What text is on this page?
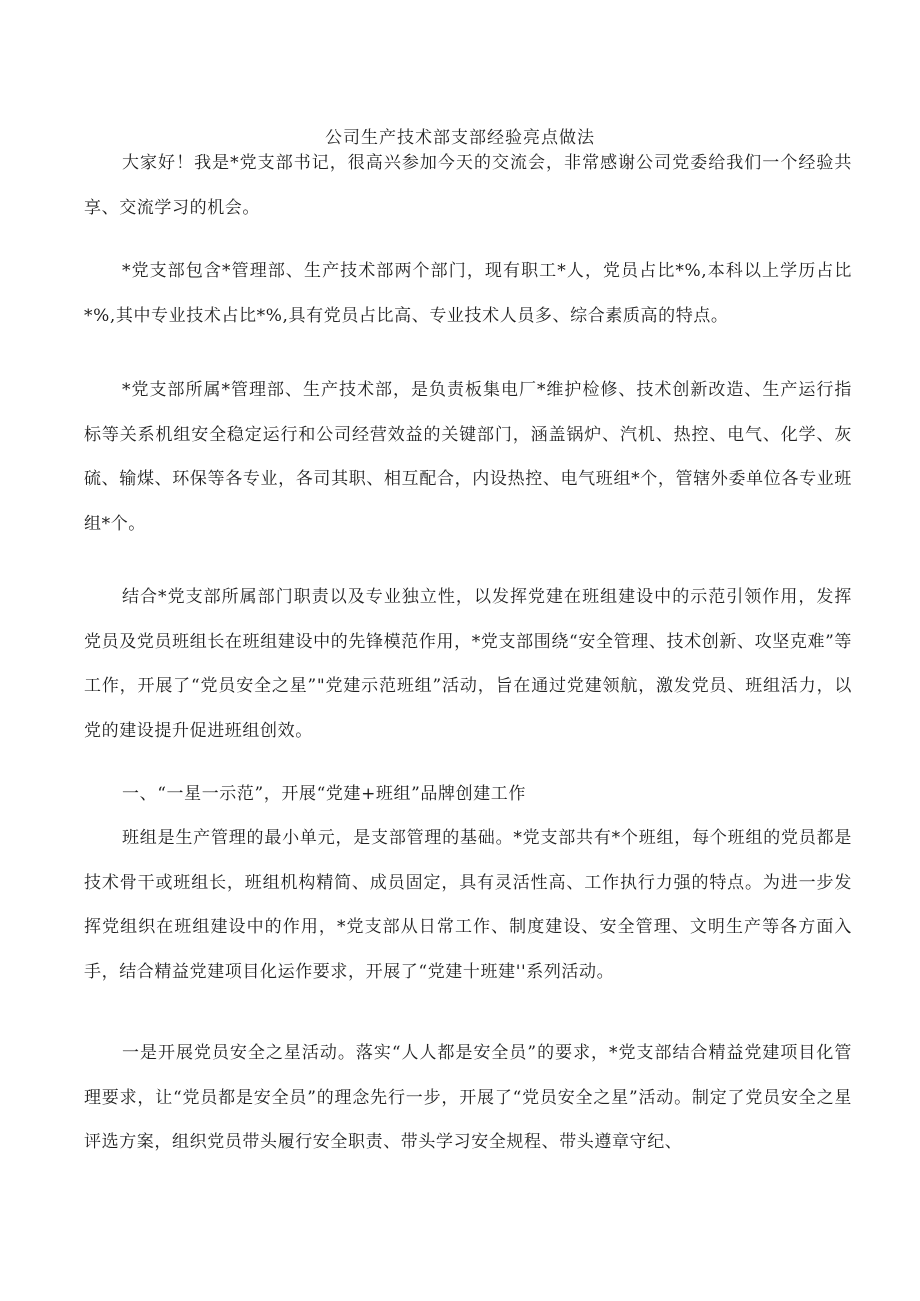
公司生产技术部支部经验亮点做法

大家好！我是*党支部书记，很高兴参加今天的交流会，非常感谢公司党委给我们一个经验共享、交流学习的机会。

*党支部包含*管理部、生产技术部两个部门，现有职工*人，党员占比*%,本科以上学历占比*%,其中专业技术占比*%,具有党员占比高、专业技术人员多、综合素质高的特点。

*党支部所属*管理部、生产技术部，是负责板集电厂*维护检修、技术创新改造、生产运行指标等关系机组安全稳定运行和公司经营效益的关键部门，涵盖锅炉、汽机、热控、电气、化学、灰硫、输煤、环保等各专业，各司其职、相互配合，内设热控、电气班组*个，管辖外委单位各专业班组*个。

结合*党支部所属部门职责以及专业独立性，以发挥党建在班组建设中的示范引领作用，发挥党员及党员班组长在班组建设中的先锋模范作用，*党支部围绕“安全管理、技术创新、攻坚克难”等工作，开展了“党员安全之星”"党建示范班组”活动，旨在通过党建领航，激发党员、班组活力，以党的建设提升促进班组创效。

一、“一星一示范”，开展“党建+班组”品牌创建工作

班组是生产管理的最小单元，是支部管理的基础。*党支部共有*个班组，每个班组的党员都是技术骨干或班组长，班组机构精简、成员固定，具有灵活性高、工作执行力强的特点。为进一步发挥党组织在班组建设中的作用，*党支部从日常工作、制度建设、安全管理、文明生产等各方面入手，结合精益党建项目化运作要求，开展了“党建十班建''系列活动。

一是开展党员安全之星活动。落实“人人都是安全员”的要求，*党支部结合精益党建项目化管理要求，让“党员都是安全员”的理念先行一步，开展了“党员安全之星”活动。制定了党员安全之星评选方案，组织党员带头履行安全职责、带头学习安全规程、带头遵章守纪、
